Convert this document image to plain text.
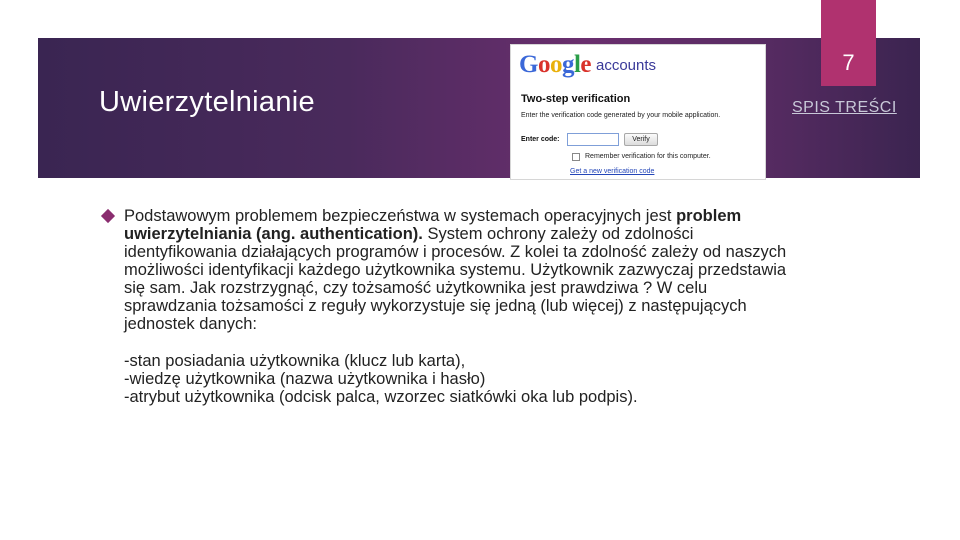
Uwierzytelnianie
7
SPIS TREŚCI
Google accounts
Two-step verification
Enter the verification code generated by your mobile application.
Enter code:	Verify
Remember verification for this computer.
Get a new verification code
Podstawowym problemem bezpieczeństwa w systemach operacyjnych jest problem uwierzytelniania (ang. authentication). System ochrony zależy od zdolności identyfikowania działających programów i procesów. Z kolei ta zdolność zależy od naszych możliwości identyfikacji każdego użytkownika systemu. Użytkownik zazwyczaj przedstawia się sam. Jak rozstrzygnąć, czy tożsamość użytkownika jest prawdziwa ? W celu sprawdzania tożsamości z reguły wykorzystuje się jedną (lub więcej) z następujących jednostek danych:
-stan posiadania użytkownika (klucz lub karta),
-wiedzę użytkownika (nazwa użytkownika i hasło)
-atrybut użytkownika (odcisk palca, wzorzec siatkówki oka lub podpis).
